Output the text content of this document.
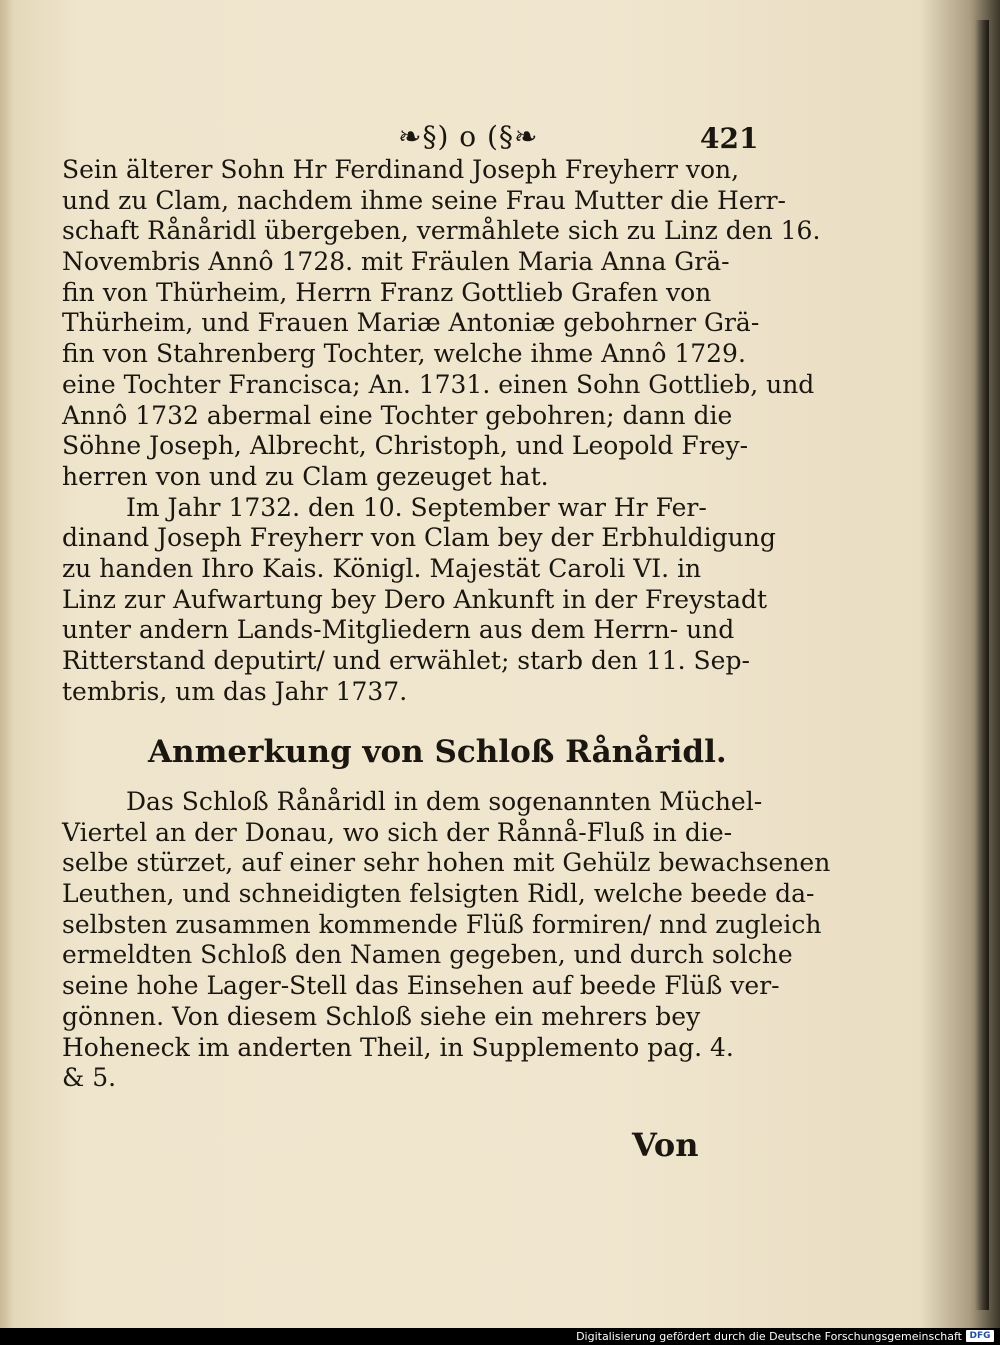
❧§) o (§❧	421
Sein älterer Sohn Hr Ferdinand Joseph Freyherr von,
und zu Clam, nachdem ihme seine Frau Mutter die Herr-
schaft Rånåridl übergeben, vermåhlete sich zu Linz den 16.
Novembris Annô 1728. mit Fräulen Maria Anna Grä-
fin von Thürheim, Herrn Franz Gottlieb Grafen von
Thürheim, und Frauen Mariæ Antoniæ gebohrner Grä-
fin von Stahrenberg Tochter, welche ihme Annô 1729.
eine Tochter Francisca; An. 1731. einen Sohn Gottlieb, und
Annô 1732 abermal eine Tochter gebohren; dann die
Söhne Joseph, Albrecht, Christoph, und Leopold Frey-
herren von und zu Clam gezeuget hat.
Im Jahr 1732. den 10. September war Hr Fer-
dinand Joseph Freyherr von Clam bey der Erbhuldigung
zu handen Ihro Kais. Königl. Majestät Caroli VI. in
Linz zur Aufwartung bey Dero Ankunft in der Freystadt
unter andern Lands-Mitgliedern aus dem Herrn- und
Ritterstand deputirt/ und erwählet; starb den 11. Sep-
tembris, um das Jahr 1737.
Anmerkung von Schloß Rånåridl.
Das Schloß Rånåridl in dem sogenannten Müchel-
Viertel an der Donau, wo sich der Rånnå-Fluß in die-
selbe stürzet, auf einer sehr hohen mit Gehülz bewachsenen
Leuthen, und schneidigten felsigten Ridl, welche beede da-
selbsten zusammen kommende Flüß formiren/ nnd zugleich
ermeldten Schloß den Namen gegeben, und durch solche
seine hohe Lager-Stell das Einsehen auf beede Flüß ver-
gönnen. Von diesem Schloß siehe ein mehrers bey
Hoheneck im anderten Theil, in Supplemento pag. 4.
& 5.
Von
Digitalisierung gefördert durch die Deutsche Forschungsgemeinschaft DFG
